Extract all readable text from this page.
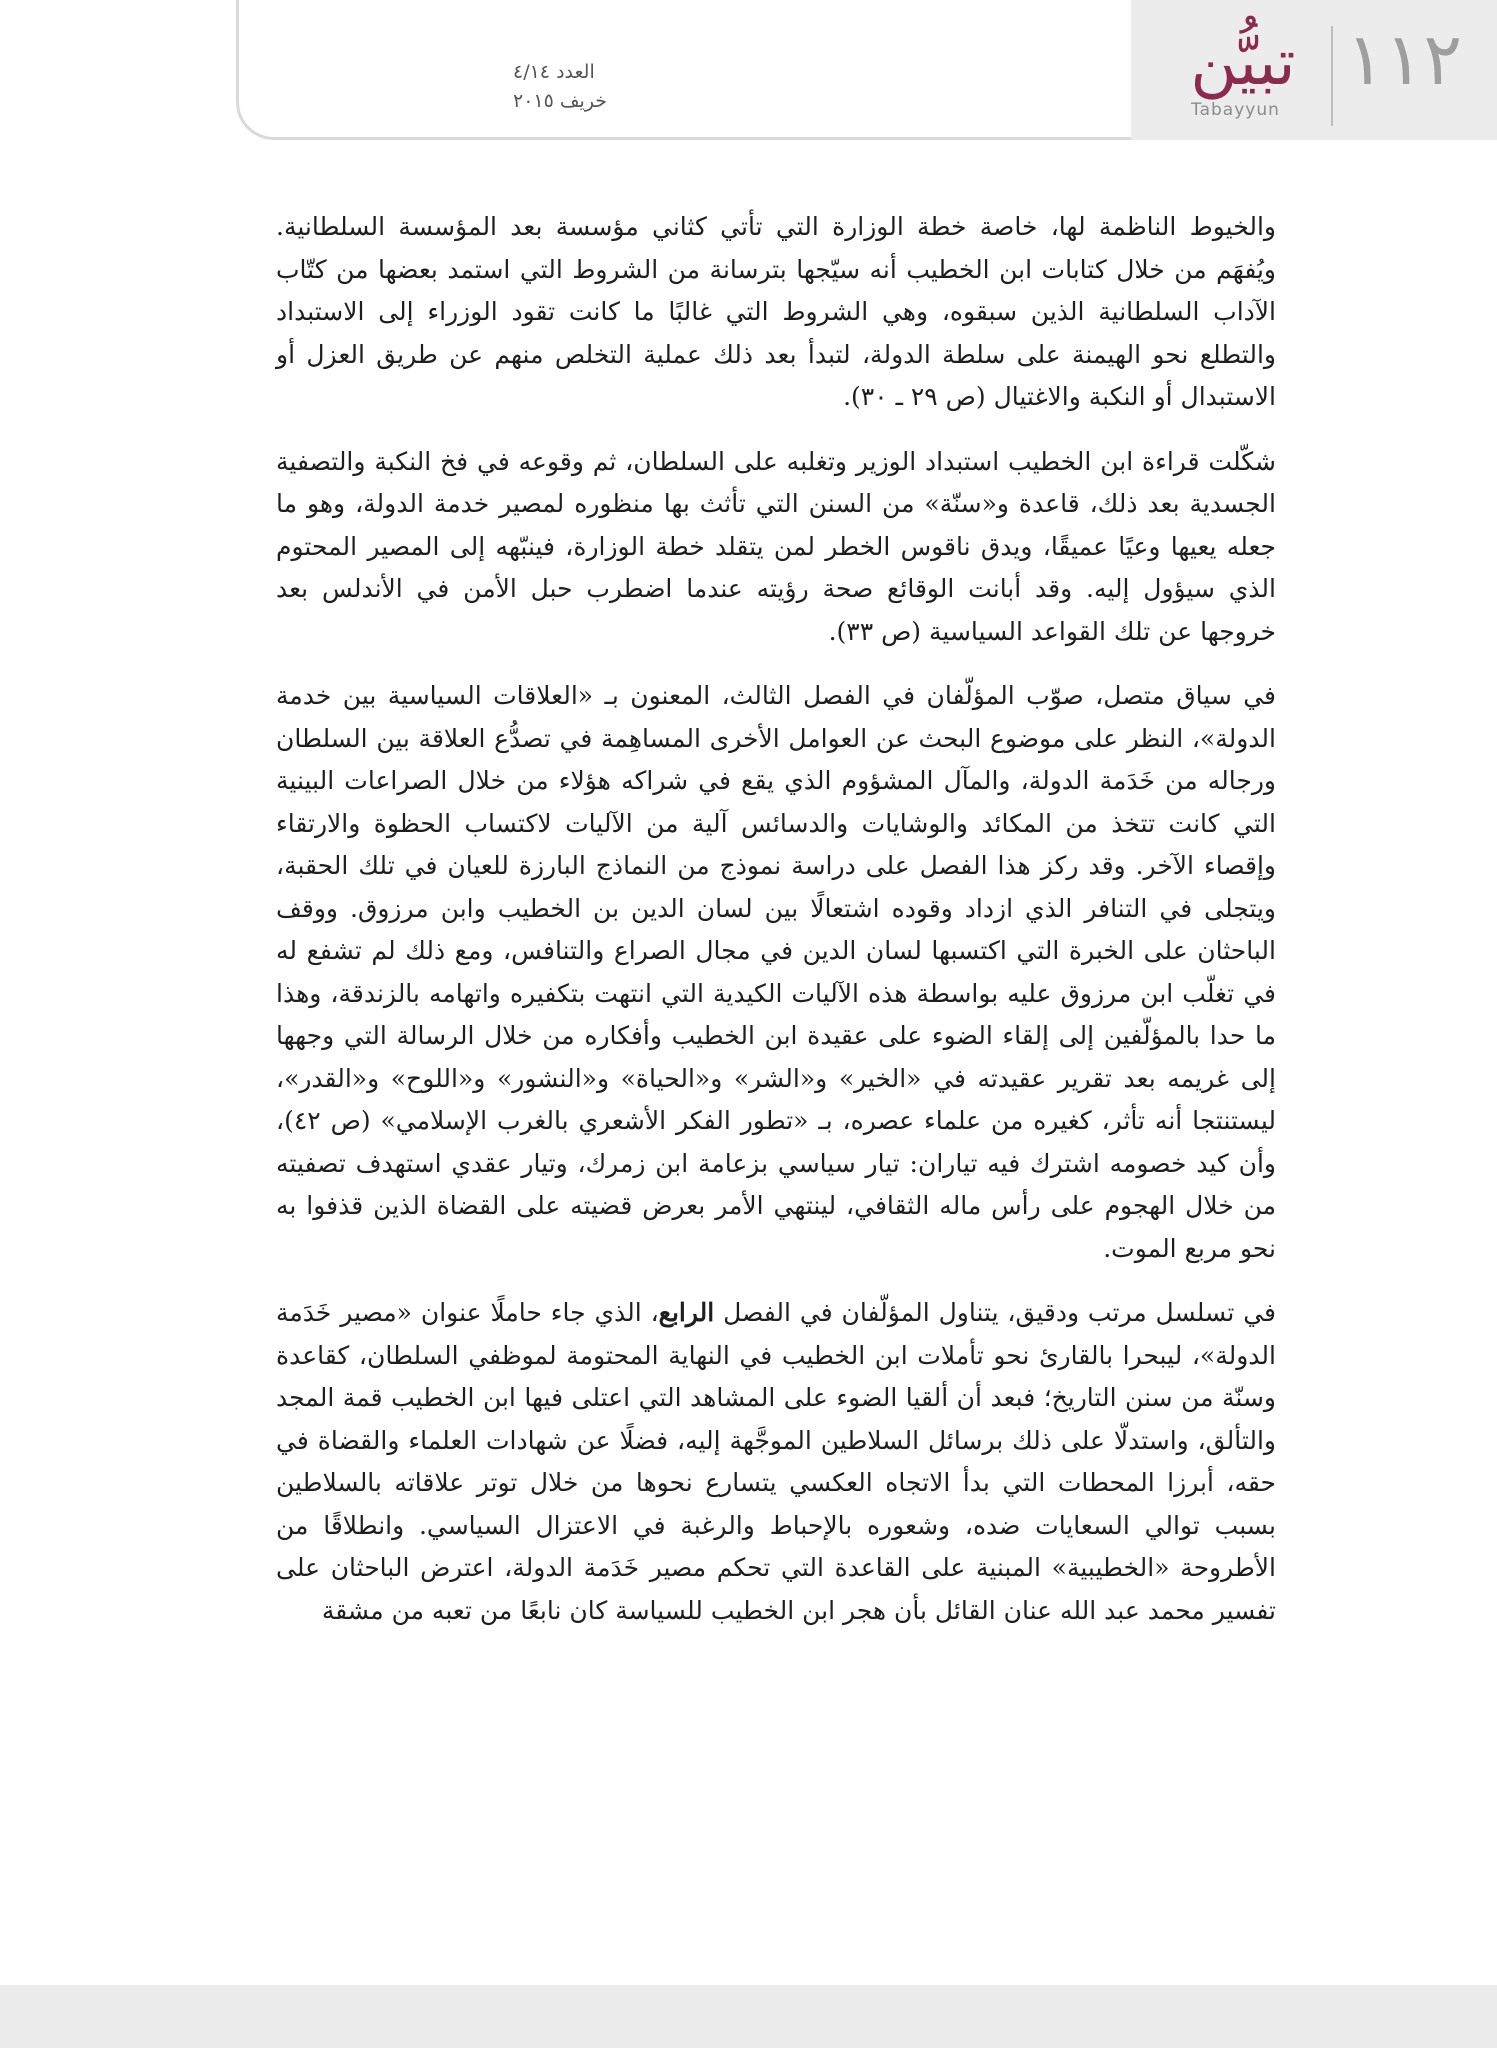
١١٢
تبيُّن
Tabayyun
العدد ٤/١٤
خريف ٢٠١٥

والخيوط الناظمة لها، خاصة خطة الوزارة التي تأتي كثاني مؤسسة بعد المؤسسة السلطانية. ويُفهَم من خلال كتابات ابن الخطيب أنه سيّجها بترسانة من الشروط التي استمد بعضها من كتّاب الآداب السلطانية الذين سبقوه، وهي الشروط التي غالبًا ما كانت تقود الوزراء إلى الاستبداد والتطلع نحو الهيمنة على سلطة الدولة، لتبدأ بعد ذلك عملية التخلص منهم عن طريق العزل أو الاستبدال أو النكبة والاغتيال (ص ٢٩ ـ ٣٠).

شكّلت قراءة ابن الخطيب استبداد الوزير وتغلبه على السلطان، ثم وقوعه في فخ النكبة والتصفية الجسدية بعد ذلك، قاعدة و«سنّة» من السنن التي تأثث بها منظوره لمصير خدمة الدولة، وهو ما جعله يعيها وعيًا عميقًا، ويدق ناقوس الخطر لمن يتقلد خطة الوزارة، فينبّهه إلى المصير المحتوم الذي سيؤول إليه. وقد أبانت الوقائع صحة رؤيته عندما اضطرب حبل الأمن في الأندلس بعد خروجها عن تلك القواعد السياسية (ص ٣٣).

في سياق متصل، صوّب المؤلّفان في الفصل الثالث، المعنون بـ «العلاقات السياسية بين خدمة الدولة»، النظر على موضوع البحث عن العوامل الأخرى المساهِمة في تصدُّع العلاقة بين السلطان ورجاله من خَدَمة الدولة، والمآل المشؤوم الذي يقع في شراكه هؤلاء من خلال الصراعات البينية التي كانت تتخذ من المكائد والوشايات والدسائس آلية من الآليات لاكتساب الحظوة والارتقاء وإقصاء الآخر. وقد ركز هذا الفصل على دراسة نموذج من النماذج البارزة للعيان في تلك الحقبة، ويتجلى في التنافر الذي ازداد وقوده اشتعالًا بين لسان الدين بن الخطيب وابن مرزوق. ووقف الباحثان على الخبرة التي اكتسبها لسان الدين في مجال الصراع والتنافس، ومع ذلك لم تشفع له في تغلّب ابن مرزوق عليه بواسطة هذه الآليات الكيدية التي انتهت بتكفيره واتهامه بالزندقة، وهذا ما حدا بالمؤلّفين إلى إلقاء الضوء على عقيدة ابن الخطيب وأفكاره من خلال الرسالة التي وجهها إلى غريمه بعد تقرير عقيدته في «الخير» و«الشر» و«الحياة» و«النشور» و«اللوح» و«القدر»، ليستنتجا أنه تأثر، كغيره من علماء عصره، بـ «تطور الفكر الأشعري بالغرب الإسلامي» (ص ٤٢)، وأن كيد خصومه اشترك فيه تياران: تيار سياسي بزعامة ابن زمرك، وتيار عقدي استهدف تصفيته من خلال الهجوم على رأس ماله الثقافي، لينتهي الأمر بعرض قضيته على القضاة الذين قذفوا به نحو مربع الموت.

في تسلسل مرتب ودقيق، يتناول المؤلّفان في الفصل الرابع، الذي جاء حاملًا عنوان «مصير خَدَمة الدولة»، ليبحرا بالقارئ نحو تأملات ابن الخطيب في النهاية المحتومة لموظفي السلطان، كقاعدة وسنّة من سنن التاريخ؛ فبعد أن ألقيا الضوء على المشاهد التي اعتلى فيها ابن الخطيب قمة المجد والتألق، واستدلّا على ذلك برسائل السلاطين الموجَّهة إليه، فضلًا عن شهادات العلماء والقضاة في حقه، أبرزا المحطات التي بدأ الاتجاه العكسي يتسارع نحوها من خلال توتر علاقاته بالسلاطين بسبب توالي السعايات ضده، وشعوره بالإحباط والرغبة في الاعتزال السياسي. وانطلاقًا من الأطروحة «الخطيبية» المبنية على القاعدة التي تحكم مصير خَدَمة الدولة، اعترض الباحثان على تفسير محمد عبد الله عنان القائل بأن هجر ابن الخطيب للسياسة كان نابعًا من تعبه من مشقة
